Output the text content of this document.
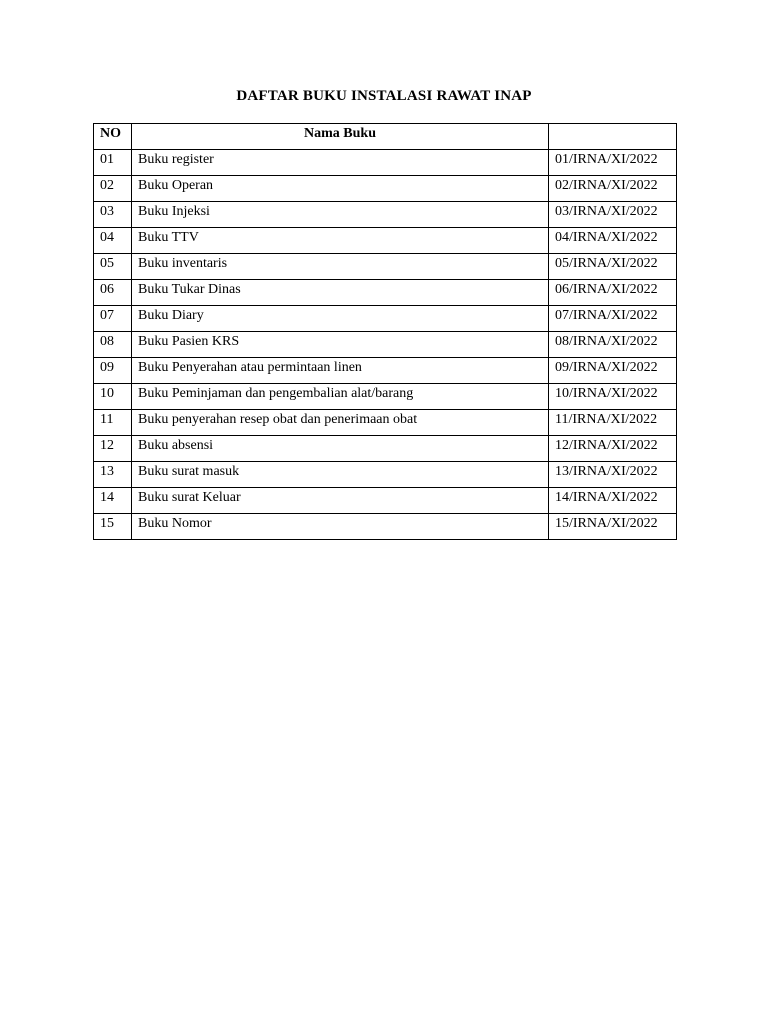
DAFTAR BUKU INSTALASI RAWAT INAP
NO	Nama Buku	
01	Buku register	01/IRNA/XI/2022
02	Buku Operan	02/IRNA/XI/2022
03	Buku Injeksi	03/IRNA/XI/2022
04	Buku TTV	04/IRNA/XI/2022
05	Buku inventaris	05/IRNA/XI/2022
06	Buku Tukar Dinas	06/IRNA/XI/2022
07	Buku Diary	07/IRNA/XI/2022
08	Buku Pasien KRS	08/IRNA/XI/2022
09	Buku Penyerahan atau permintaan linen	09/IRNA/XI/2022
10	Buku Peminjaman dan pengembalian alat/barang	10/IRNA/XI/2022
11	Buku penyerahan resep obat dan penerimaan obat	11/IRNA/XI/2022
12	Buku absensi	12/IRNA/XI/2022
13	Buku surat masuk	13/IRNA/XI/2022
14	Buku surat Keluar	14/IRNA/XI/2022
15	Buku Nomor	15/IRNA/XI/2022
